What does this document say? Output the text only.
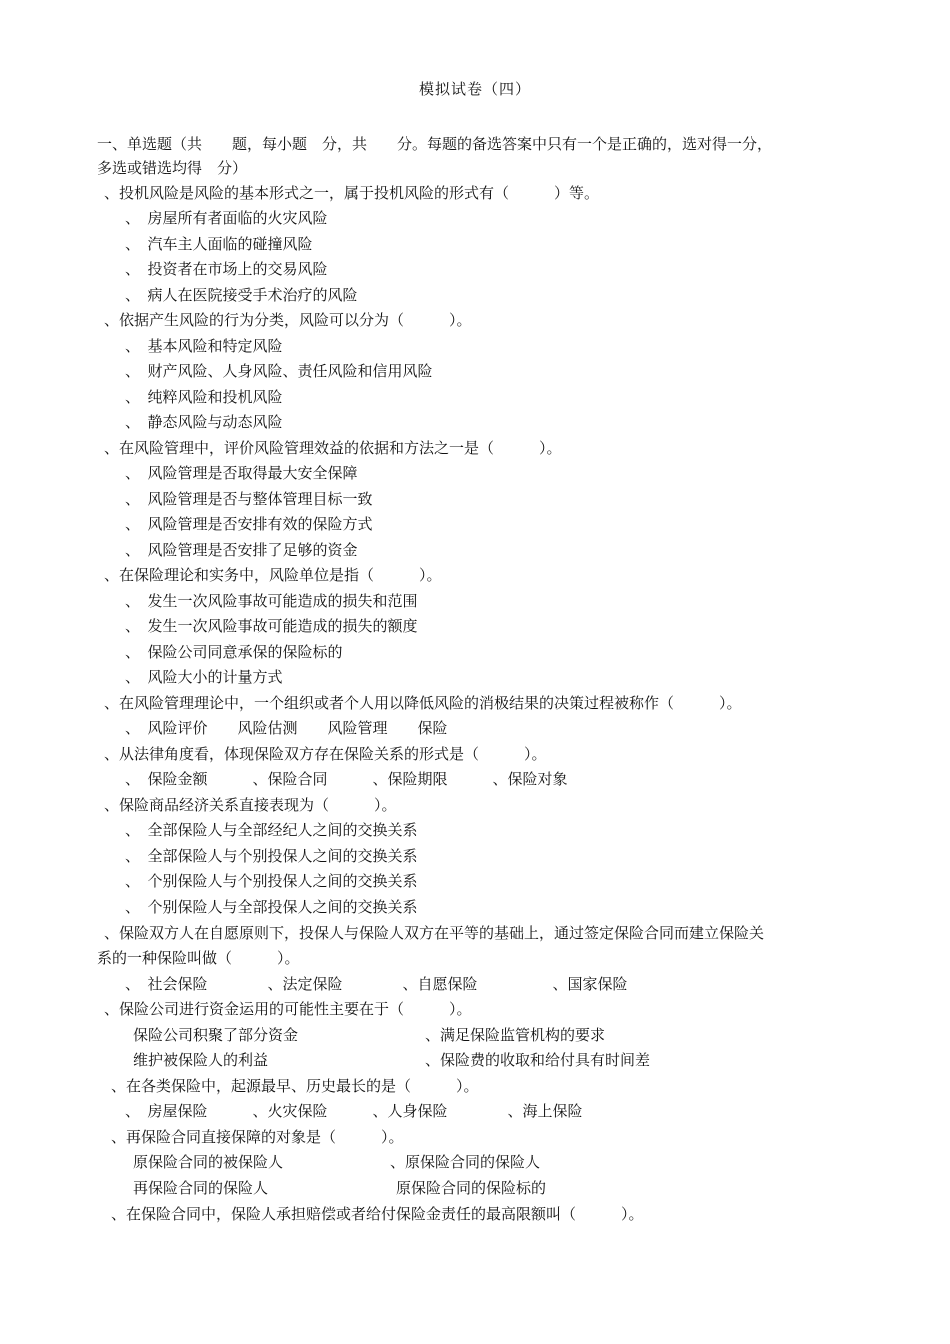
模拟试卷（四）
一、单选题（共　　题，每小题　分，共　　分。每题的备选答案中只有一个是正确的，选对得一分，
多选或错选均得　分）
、投机风险是风险的基本形式之一，属于投机风险的形式有（　　　）等。
、　房屋所有者面临的火灾风险
、　汽车主人面临的碰撞风险
、　投资者在市场上的交易风险
、　病人在医院接受手术治疗的风险
、依据产生风险的行为分类，风险可以分为（　　　）。
、　基本风险和特定风险
、　财产风险、人身风险、责任风险和信用风险
、　纯粹风险和投机风险
、　静态风险与动态风险
、在风险管理中，评价风险管理效益的依据和方法之一是（　　　）。
、　风险管理是否取得最大安全保障
、　风险管理是否与整体管理目标一致
、　风险管理是否安排有效的保险方式
、　风险管理是否安排了足够的资金
、在保险理论和实务中，风险单位是指（　　　）。
、　发生一次风险事故可能造成的损失和范围
、　发生一次风险事故可能造成的损失的额度
、　保险公司同意承保的保险标的
、　风险大小的计量方式
、在风险管理理论中，一个组织或者个人用以降低风险的消极结果的决策过程被称作（　　　）。
、　风险评价　　风险估测　　风险管理　　保险
、从法律角度看，体现保险双方存在保险关系的形式是（　　　）。
、　保险金额　　　、保险合同　　　、保险期限　　　、保险对象
、保险商品经济关系直接表现为（　　　）。
、　全部保险人与全部经纪人之间的交换关系
、　全部保险人与个别投保人之间的交换关系
、　个别保险人与个别投保人之间的交换关系
、　个别保险人与全部投保人之间的交换关系
、保险双方人在自愿原则下，投保人与保险人双方在平等的基础上，通过签定保险合同而建立保险关
系的一种保险叫做（　　　）。
、　社会保险　　　　、法定保险　　　　、自愿保险　　　　　、国家保险
、保险公司进行资金运用的可能性主要在于（　　　）。
保险公司积聚了部分资金	、满足保险监管机构的要求
维护被保险人的利益	、保险费的收取和给付具有时间差
、在各类保险中，起源最早、历史最长的是（　　　）。
、　房屋保险　　　、火灾保险　　　、人身保险　　　　、海上保险
、再保险合同直接保障的对象是（　　　）。
原保险合同的被保险人	、原保险合同的保险人
再保险合同的保险人	原保险合同的保险标的
、在保险合同中，保险人承担赔偿或者给付保险金责任的最高限额叫（　　　）。
